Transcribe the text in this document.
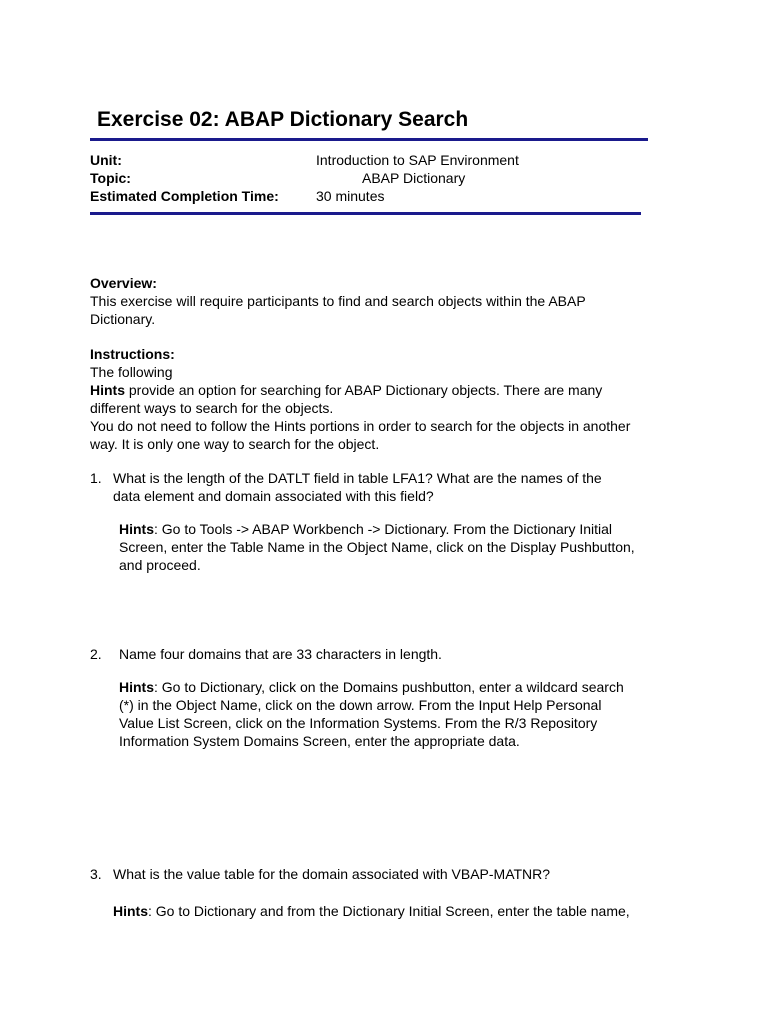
Exercise 02: ABAP Dictionary Search
Unit:	Introduction to SAP Environment
Topic:	ABAP Dictionary
Estimated Completion Time:	30 minutes
Overview:
This exercise will require participants to find and search objects within the ABAP
Dictionary.
Instructions:
The following
Hints provide an option for searching for ABAP Dictionary objects. There are many
different ways to search for the objects.
You do not need to follow the Hints portions in order to search for the objects in another
way. It is only one way to search for the object.
1. What is the length of the DATLT field in table LFA1? What are the names of the
data element and domain associated with this field?
Hints: Go to Tools -> ABAP Workbench -> Dictionary. From the Dictionary Initial
Screen, enter the Table Name in the Object Name, click on the Display Pushbutton,
and proceed.
2. Name four domains that are 33 characters in length.
Hints: Go to Dictionary, click on the Domains pushbutton, enter a wildcard search
(*) in the Object Name, click on the down arrow. From the Input Help Personal
Value List Screen, click on the Information Systems. From the R/3 Repository
Information System Domains Screen, enter the appropriate data.
3. What is the value table for the domain associated with VBAP-MATNR?
Hints: Go to Dictionary and from the Dictionary Initial Screen, enter the table name,
